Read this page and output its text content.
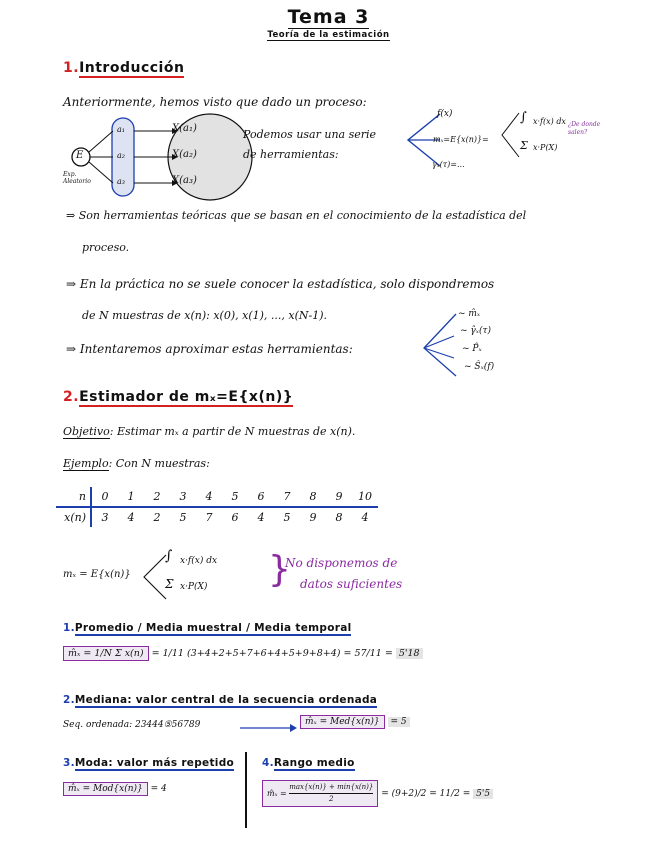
Tema 3
Teoría de la estimación
1.Introducción
Anteriormente, hemos visto que dado un proceso:
E
Exp. Aleatorio
a₁
a₂
a₃
X(a₁)
X(a₂)
X(a₃)
Podemos usar una serie
de herramientas:
f(x)
mₓ=E{x(n)}=
γₓ(τ)=...
∫ x·f(x) dx
Σ x·P(X)
¿De donde salen?
⇒ Son herramientas teóricas que se basan en el conocimiento de la estadística del
proceso.
⇒ En la práctica no se suele conocer la estadística, solo dispondremos
de N muestras de x(n): x(0), x(1), ..., x(N-1).
⇒ Intentaremos aproximar estas herramientas:
~ m̂ₓ
~ γ̂ₓ(τ)
~ P̂ₓ
~ Ŝₓ(f)
2.Estimador de mₓ=E{x(n)}
Objetivo: Estimar mₓ a partir de N muestras de x(n).
Ejemplo: Con N muestras:
n	0	1	2	3	4	5	6	7	8	9	10
x(n)	3	4	2	5	7	6	4	5	9	8	4
mₓ = E{x(n)}
∫ x·f(x) dx
Σ x·P(X) }
No disponemos de
datos suficientes
1.Promedio / Media muestral / Media temporal
m̂ₓ = 1/N Σ x(n) = 1/11 (3+4+2+5+7+6+4+5+9+8+4) = 57/11 = 5'18
2.Mediana: valor central de la secuencia ordenada
Seq. ordenada: 23444⑤56789	m̂ₓ = Med{x(n)} = 5
3.Moda: valor más repetido
m̂ₓ = Mod{x(n)} = 4
4.Rango medio
m̂ₓ =
max{x(n)} + min{x(n)}
2	= (9+2)/2 = 11/2 = 5'5
